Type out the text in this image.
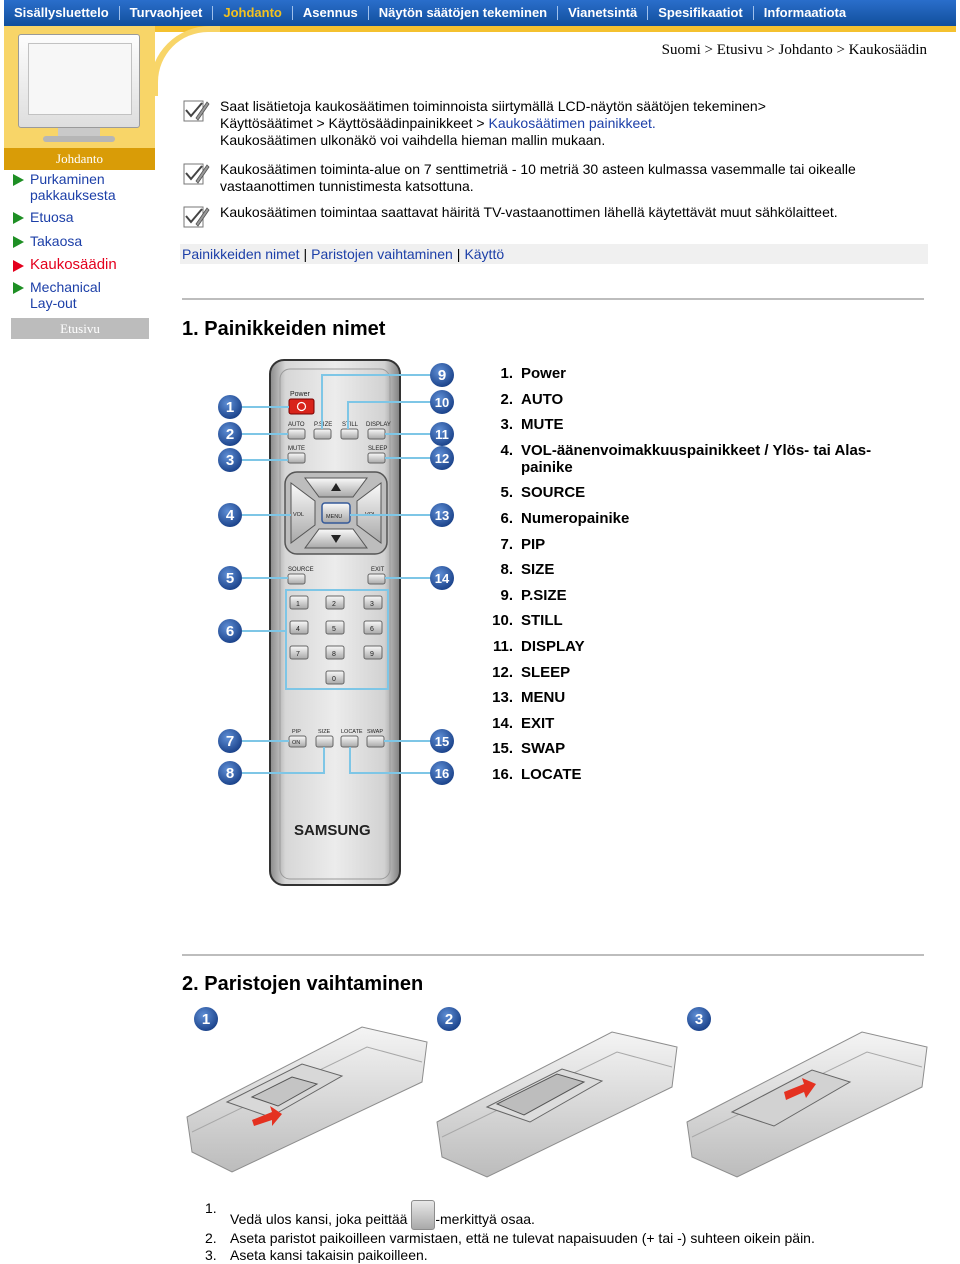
Sisällysluettelo	Turvaohjeet	Johdanto	Asennus	Näytön säätöjen tekeminen	Vianetsintä	Spesifikaatiot	Informaatiota
Johdanto
Purkaminen
pakkauksesta
Etuosa
Takaosa
Kaukosäädin
Mechanical
Lay-out
Etusivu
Suomi > Etusivu > Johdanto > Kaukosäädin
Saat lisätietoja kaukosäätimen toiminnoista siirtymällä LCD-näytön säätöjen tekeminen>
Käyttösäätimet > Käyttösäädinpainikkeet > Kaukosäätimen painikkeet.
Kaukosäätimen ulkonäkö voi vaihdella hieman mallin mukaan.
Kaukosäätimen toiminta-alue on 7 senttimetriä - 10 metriä 30 asteen kulmassa vasemmalle tai oikealle vastaanottimen tunnistimesta katsottuna.
Kaukosäätimen toimintaa saattavat häiritä TV-vastaanottimen lähellä käytettävät muut sähkölaitteet.
Painikkeiden nimet | Paristojen vaihtaminen | Käyttö
1. Painikkeiden nimet
Power
AUTO P.SIZE STILL DISPLAY
MUTE	SLEEP
VOL	VOL
MENU
SOURCE	EXIT
1	2	3
4	5	6
7	8	9
0
PIP	SIZE LOCATE SWAP
ON
SAMSUNG
1
2
3
4
5
6
7
8
9
10
11
12
13
14
15
16
1. Power
2. AUTO
3. MUTE
4. VOL-äänenvoimakkuuspainikkeet / Ylös- tai Alas-painike
5. SOURCE
6. Numeropainike
7. PIP
8. SIZE
9. P.SIZE
10. STILL
11. DISPLAY
12. SLEEP
13. MENU
14. EXIT
15. SWAP
16. LOCATE
2. Paristojen vaihtaminen
1	2	3
1.
Vedä ulos kansi, joka peittää -merkittyä osaa.
2. Aseta paristot paikoilleen varmistaen, että ne tulevat napaisuuden (+ tai -) suhteen oikein päin.
3. Aseta kansi takaisin paikoilleen.
